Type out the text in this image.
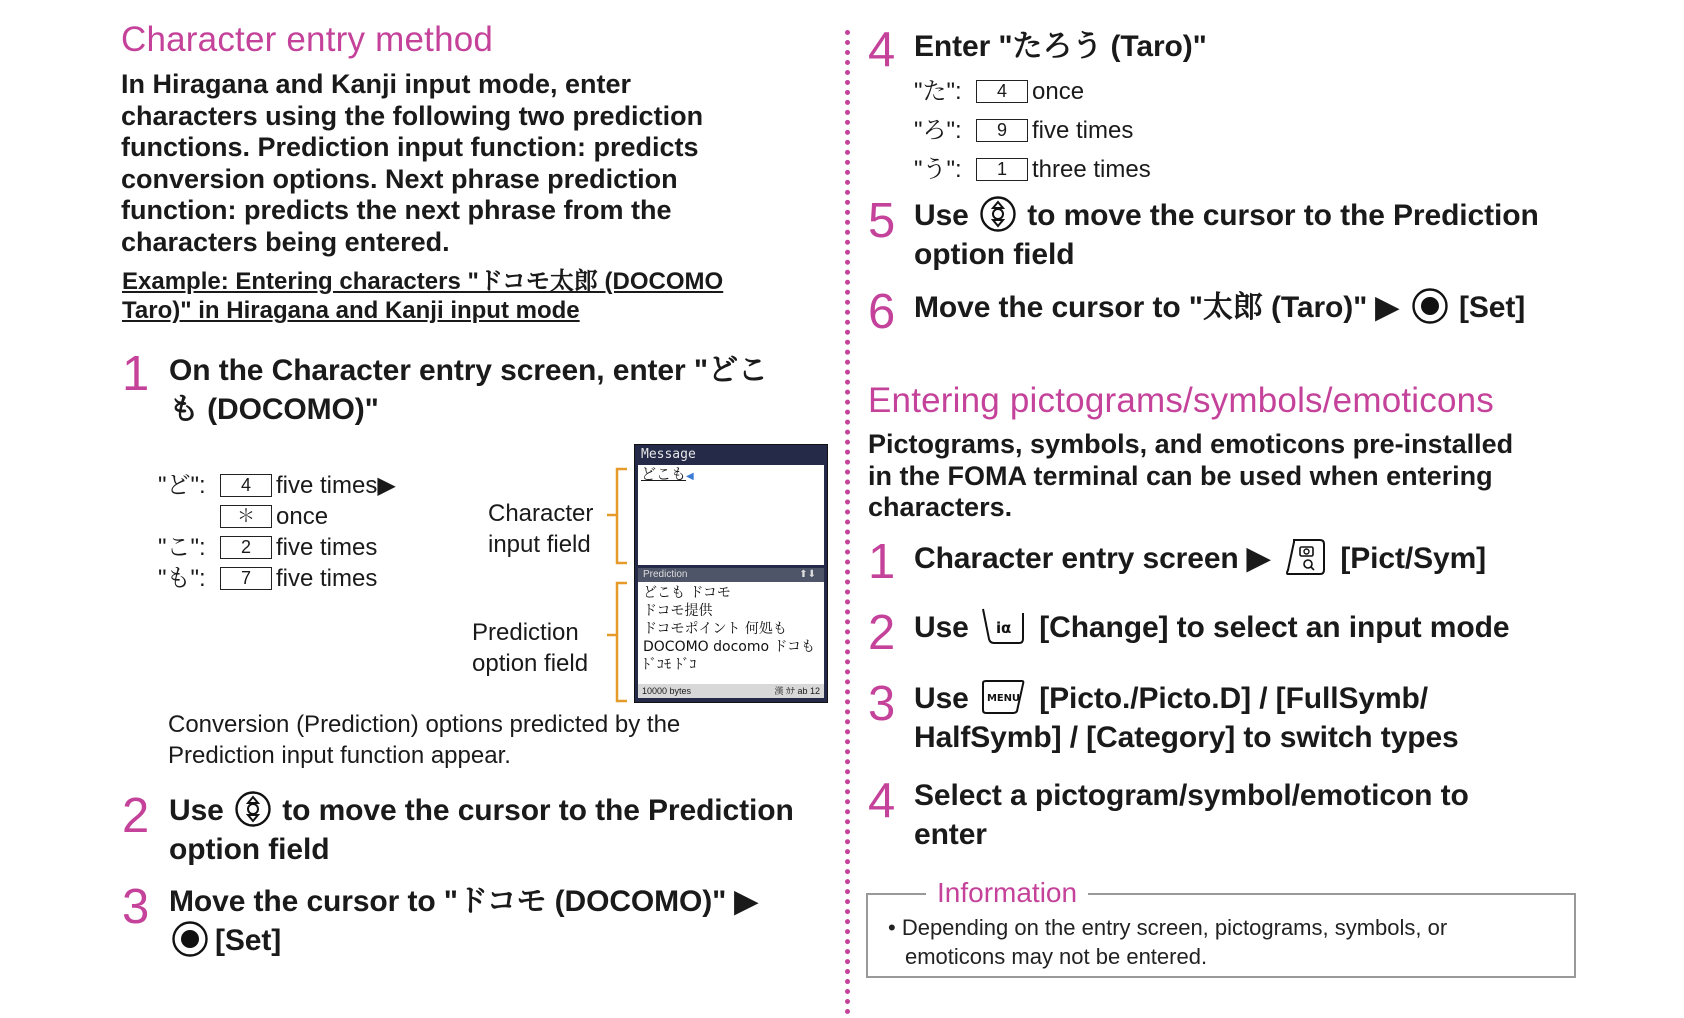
Character entry method
In Hiragana and Kanji input mode, enter
characters using the following two prediction
functions. Prediction input function: predicts
conversion options. Next phrase prediction
function: predicts the next phrase from the
characters being entered.
Example: Entering characters "ドコモ太郎 (DOCOMO
Taro)" in Hiragana and Kanji input mode
1 On the Character entry screen, enter "どこ
も (DOCOMO)"
"ど":	4	five times▶
＊ once
"こ":	2	five times
"も":	7	five times
Character
input field
Prediction
option field
Message
どこも◀
Prediction	⬆⬇
どこも ドコモ
ドコモ提供
ドコモポイント 何処も
DOCOMO docomo ドコも
ﾄﾞｺﾓ ﾄﾞｺ
10000 bytes	漢 ｶﾅ ab 12
Conversion (Prediction) options predicted by the
Prediction input function appear.
2 Use to move the cursor to the Prediction
option field
3 Move the cursor to "ドコモ (DOCOMO)" ▶
[Set]
4 Enter "たろう (Taro)"
"た":	4	once
"ろ":	9	five times
"う":	1	three times
5 Use to move the cursor to the Prediction
option field
6 Move the cursor to "太郎 (Taro)" ▶ [Set]
Entering pictograms/symbols/emoticons
Pictograms, symbols, and emoticons pre-installed
in the FOMA terminal can be used when entering
characters.
1 Character entry screen ▶ [Pict/Sym]
2 Use iα [Change] to select an input mode
3 Use MENU [Picto./Picto.D] / [FullSymb/
HalfSymb] / [Category] to switch types
4 Select a pictogram/symbol/emoticon to
enter
Information
• Depending on the entry screen, pictograms, symbols, or
emoticons may not be entered.
